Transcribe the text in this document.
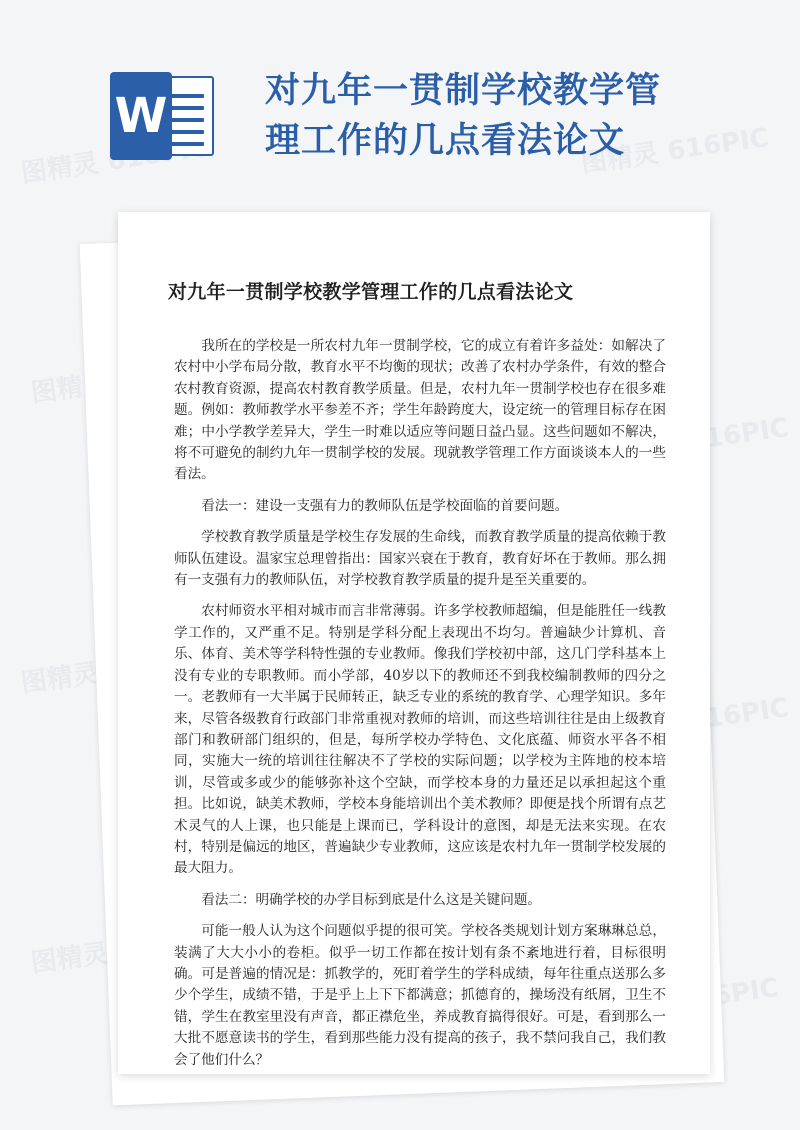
图精灵 616PIC	图精灵 616PIC
图精灵
616PIC
图精灵
616PIC
图精灵
616PIC
W	对九年一贯制学校教学管理工作的几点看法论文
对九年一贯制学校教学管理工作的几点看法论文

我所在的学校是一所农村九年一贯制学校，它的成立有着许多益处：如解决了农村中小学布局分散，教育水平不均衡的现状；改善了农村办学条件，有效的整合农村教育资源，提高农村教育教学质量。但是，农村九年一贯制学校也存在很多难题。例如：教师教学水平参差不齐；学生年龄跨度大，设定统一的管理目标存在困难；中小学教学差异大，学生一时难以适应等问题日益凸显。这些问题如不解决，将不可避免的制约九年一贯制学校的发展。现就教学管理工作方面谈谈本人的一些看法。

看法一：建设一支强有力的教师队伍是学校面临的首要问题。

学校教育教学质量是学校生存发展的生命线，而教育教学质量的提高依赖于教师队伍建设。温家宝总理曾指出：国家兴衰在于教育，教育好坏在于教师。那么拥有一支强有力的教师队伍，对学校教育教学质量的提升是至关重要的。

农村师资水平相对城市而言非常薄弱。许多学校教师超编，但是能胜任一线教学工作的，又严重不足。特别是学科分配上表现出不均匀。普遍缺少计算机、音乐、体育、美术等学科特性强的专业教师。像我们学校初中部，这几门学科基本上没有专业的专职教师。而小学部，40岁以下的教师还不到我校编制教师的四分之一。老教师有一大半属于民师转正，缺乏专业的系统的教育学、心理学知识。多年来，尽管各级教育行政部门非常重视对教师的培训，而这些培训往往是由上级教育部门和教研部门组织的，但是，每所学校办学特色、文化底蕴、师资水平各不相同，实施大一统的培训往往解决不了学校的实际问题；以学校为主阵地的校本培训，尽管或多或少的能够弥补这个空缺，而学校本身的力量还足以承担起这个重担。比如说，缺美术教师，学校本身能培训出个美术教师？即便是找个所谓有点艺术灵气的人上课，也只能是上课而已，学科设计的意图，却是无法来实现。在农村，特别是偏远的地区，普遍缺少专业教师，这应该是农村九年一贯制学校发展的最大阻力。

看法二：明确学校的办学目标到底是什么这是关键问题。

可能一般人认为这个问题似乎提的很可笑。学校各类规划计划方案琳琳总总，装满了大大小小的卷柜。似乎一切工作都在按计划有条不紊地进行着，目标很明确。可是普遍的情况是：抓教学的，死盯着学生的学科成绩，每年往重点送那么多少个学生，成绩不错，于是乎上上下下都满意；抓德育的，操场没有纸屑，卫生不错，学生在教室里没有声音，都正襟危坐，养成教育搞得很好。可是，看到那么一大批不愿意读书的学生，看到那些能力没有提高的孩子，我不禁问我自己，我们教会了他们什么？
